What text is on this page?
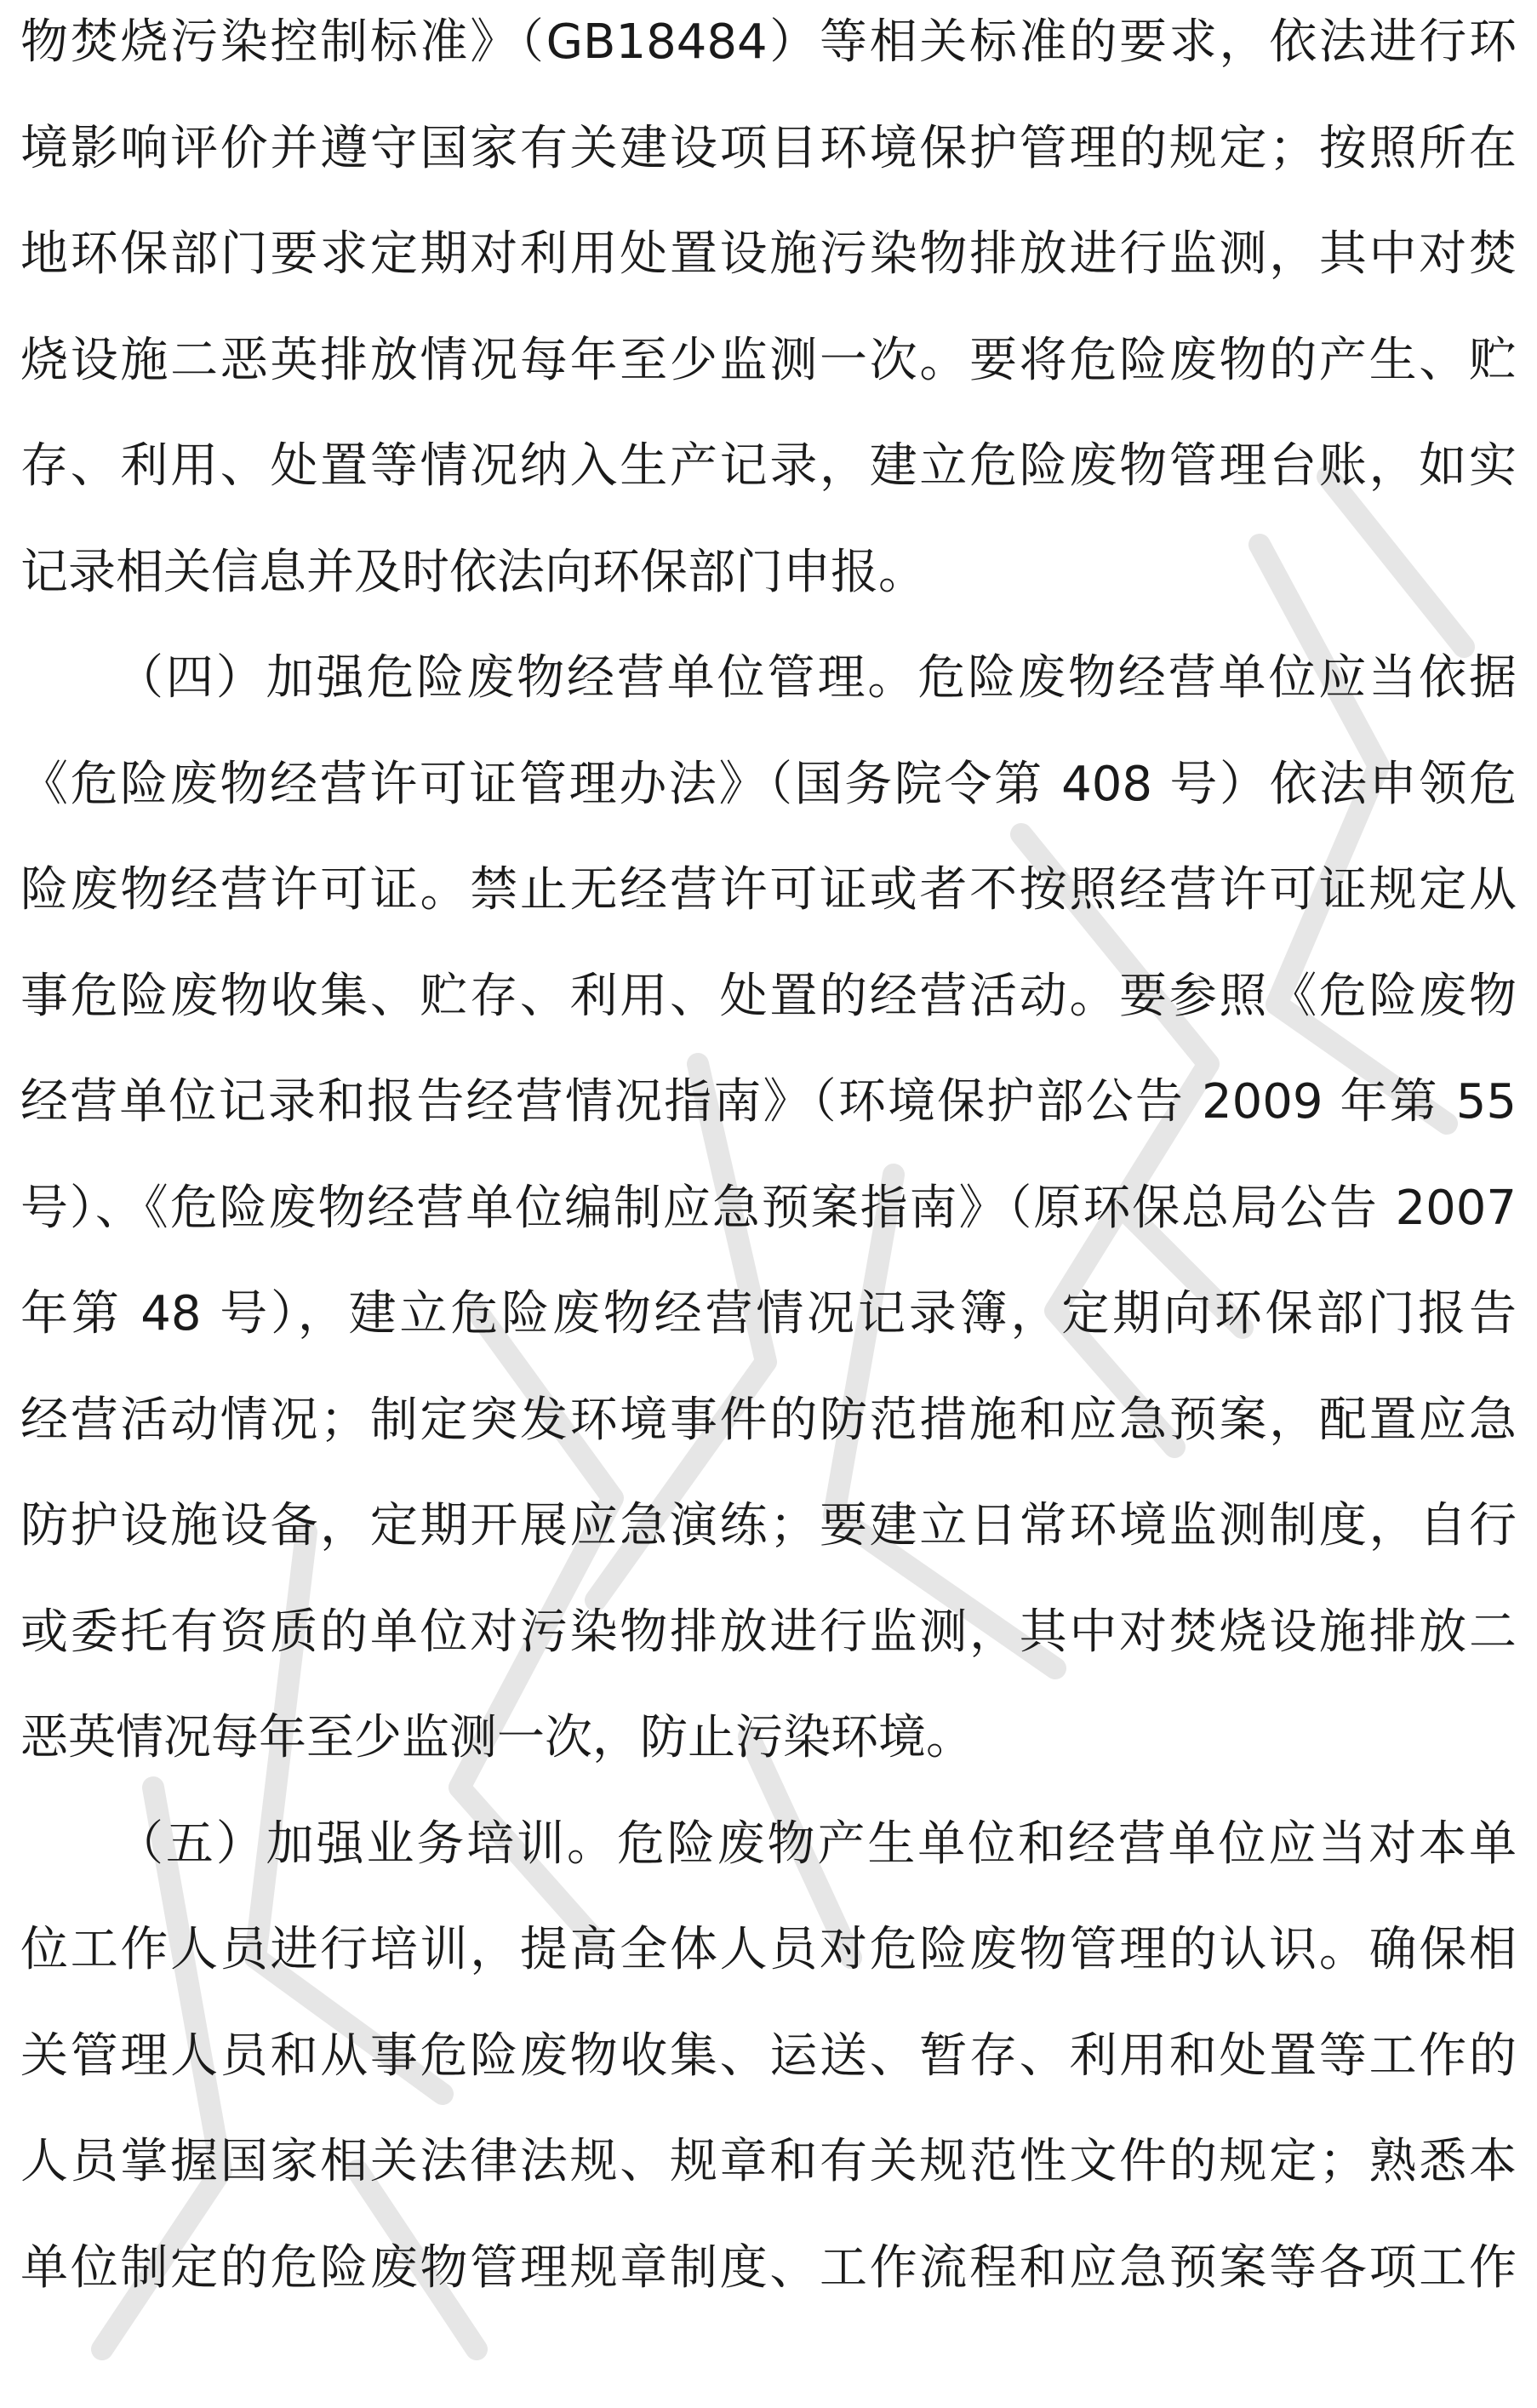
物焚烧污染控制标准》（GB18484）等相关标准的要求，依法进行环
境影响评价并遵守国家有关建设项目环境保护管理的规定；按照所在
地环保部门要求定期对利用处置设施污染物排放进行监测，其中对焚
烧设施二恶英排放情况每年至少监测一次。要将危险废物的产生、贮
存、利用、处置等情况纳入生产记录，建立危险废物管理台账，如实
记录相关信息并及时依法向环保部门申报。
（四）加强危险废物经营单位管理。危险废物经营单位应当依据
《危险废物经营许可证管理办法》（国务院令第 408 号）依法申领危
险废物经营许可证。禁止无经营许可证或者不按照经营许可证规定从
事危险废物收集、贮存、利用、处置的经营活动。要参照《危险废物
经营单位记录和报告经营情况指南》（环境保护部公告 2009 年第 55
号）、《危险废物经营单位编制应急预案指南》（原环保总局公告 2007
年第 48 号），建立危险废物经营情况记录簿，定期向环保部门报告
经营活动情况；制定突发环境事件的防范措施和应急预案，配置应急
防护设施设备，定期开展应急演练；要建立日常环境监测制度，自行
或委托有资质的单位对污染物排放进行监测，其中对焚烧设施排放二
恶英情况每年至少监测一次，防止污染环境。
（五）加强业务培训。危险废物产生单位和经营单位应当对本单
位工作人员进行培训，提高全体人员对危险废物管理的认识。确保相
关管理人员和从事危险废物收集、运送、暂存、利用和处置等工作的
人员掌握国家相关法律法规、规章和有关规范性文件的规定；熟悉本
单位制定的危险废物管理规章制度、工作流程和应急预案等各项工作
